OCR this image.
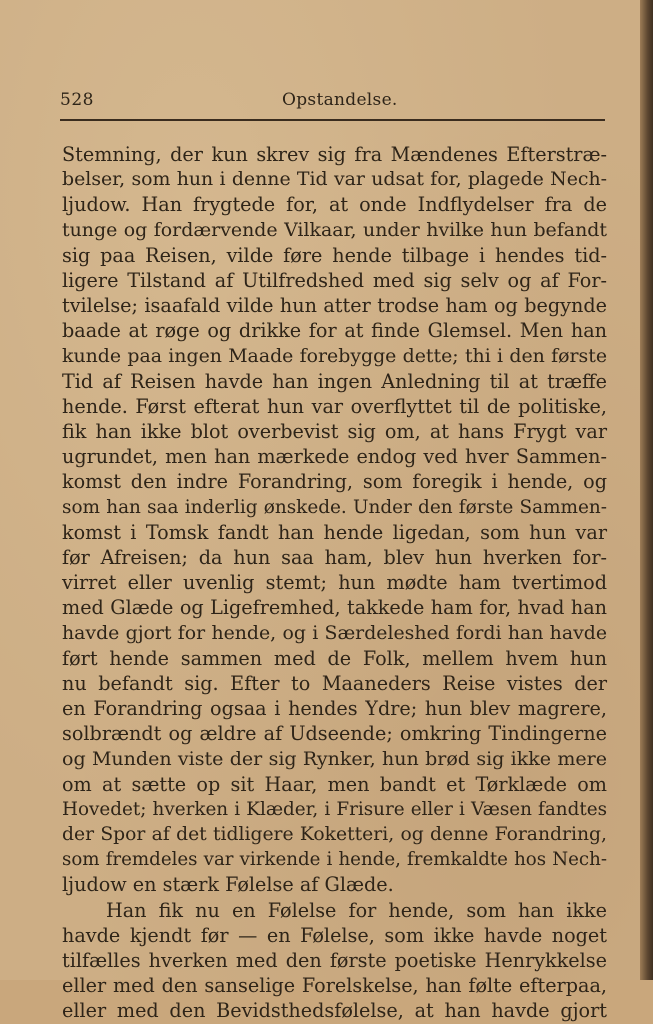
528	Opstandelse.
Stemning, der kun skrev sig fra Mændenes Efterstræ-
belser, som hun i denne Tid var udsat for, plagede Nech-
ljudow. Han frygtede for, at onde Indflydelser fra de
tunge og fordærvende Vilkaar, under hvilke hun befandt
sig paa Reisen, vilde føre hende tilbage i hendes tid-
ligere Tilstand af Utilfredshed med sig selv og af For-
tvilelse; isaafald vilde hun atter trodse ham og begynde
baade at røge og drikke for at finde Glemsel. Men han
kunde paa ingen Maade forebygge dette; thi i den første
Tid af Reisen havde han ingen Anledning til at træffe
hende. Først efterat hun var overflyttet til de politiske,
fik han ikke blot overbevist sig om, at hans Frygt var
ugrundet, men han mærkede endog ved hver Sammen-
komst den indre Forandring, som foregik i hende, og
som han saa inderlig ønskede. Under den første Sammen-
komst i Tomsk fandt han hende ligedan, som hun var
før Afreisen; da hun saa ham, blev hun hverken for-
virret eller uvenlig stemt; hun mødte ham tvertimod
med Glæde og Ligefremhed, takkede ham for, hvad han
havde gjort for hende, og i Særdeleshed fordi han havde
ført hende sammen med de Folk, mellem hvem hun
nu befandt sig. Efter to Maaneders Reise vistes der
en Forandring ogsaa i hendes Ydre; hun blev magrere,
solbrændt og ældre af Udseende; omkring Tindingerne
og Munden viste der sig Rynker, hun brød sig ikke mere
om at sætte op sit Haar, men bandt et Tørklæde om
Hovedet; hverken i Klæder, i Frisure eller i Væsen fandtes
der Spor af det tidligere Koketteri, og denne Forandring,
som fremdeles var virkende i hende, fremkaldte hos Nech-
ljudow en stærk Følelse af Glæde.
Han fik nu en Følelse for hende, som han ikke
havde kjendt før — en Følelse, som ikke havde noget
tilfælles hverken med den første poetiske Henrykkelse
eller med den sanselige Forelskelse, han følte efterpaa,
eller med den Bevidsthedsfølelse, at han havde gjort
